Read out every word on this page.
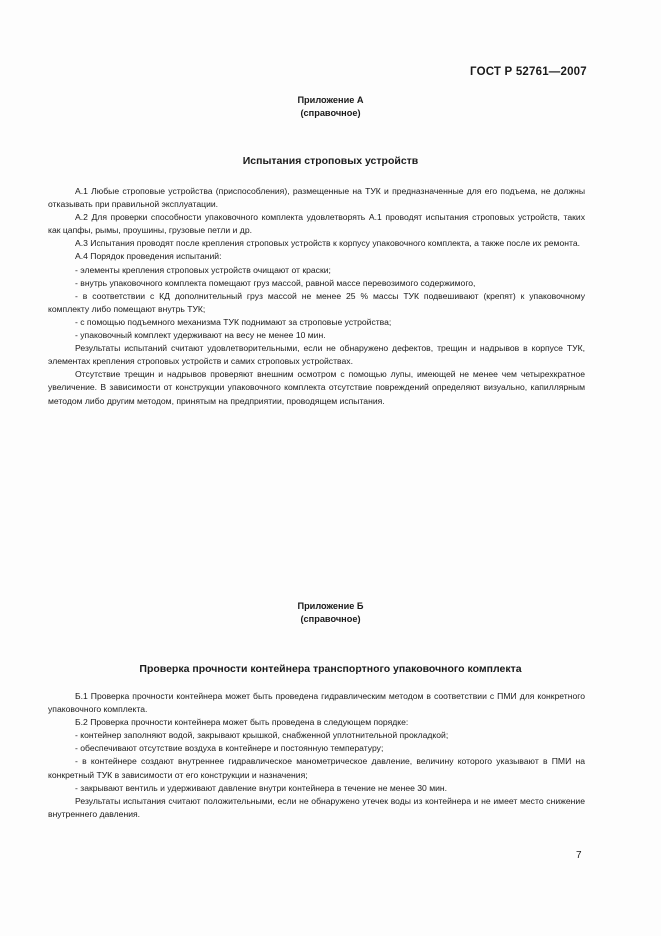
ГОСТ Р 52761—2007
Приложение А
(справочное)
Испытания строповых устройств

А.1 Любые строповые устройства (приспособления), размещенные на ТУК и предназначенные для его подъема, не должны отказывать при правильной эксплуатации.

А.2 Для проверки способности упаковочного комплекта удовлетворять А.1 проводят испытания строповых устройств, таких как цапфы, рымы, проушины, грузовые петли и др.

А.3 Испытания проводят после крепления строповых устройств к корпусу упаковочного комплекта, а также после их ремонта.

А.4 Порядок проведения испытаний:

- элементы крепления строповых устройств очищают от краски;

- внутрь упаковочного комплекта помещают груз массой, равной массе перевозимого содержимого,

- в соответствии с КД дополнительный груз массой не менее 25 % массы ТУК подвешивают (крепят) к упаковочному комплекту либо помещают внутрь ТУК;

- с помощью подъемного механизма ТУК поднимают за строповые устройства;

- упаковочный комплект удерживают на весу не менее 10 мин.

Результаты испытаний считают удовлетворительными, если не обнаружено дефектов, трещин и надрывов в корпусе ТУК, элементах крепления строповых устройств и самих строповых устройствах.

Отсутствие трещин и надрывов проверяют внешним осмотром с помощью лупы, имеющей не менее чем четырехкратное увеличение. В зависимости от конструкции упаковочного комплекта отсутствие повреждений определяют визуально, капиллярным методом либо другим методом, принятым на предприятии, проводящем испытания.

Приложение Б
(справочное)
Проверка прочности контейнера транспортного упаковочного комплекта

Б.1 Проверка прочности контейнера может быть проведена гидравлическим методом в соответствии с ПМИ для конкретного упаковочного комплекта.

Б.2 Проверка прочности контейнера может быть проведена в следующем порядке:

- контейнер заполняют водой, закрывают крышкой, снабженной уплотнительной прокладкой;

- обеспечивают отсутствие воздуха в контейнере и постоянную температуру;

- в контейнере создают внутреннее гидравлическое манометрическое давление, величину которого указывают в ПМИ на конкретный ТУК в зависимости от его конструкции и назначения;

- закрывают вентиль и удерживают давление внутри контейнера в течение не менее 30 мин.

Результаты испытания считают положительными, если не обнаружено утечек воды из контейнера и не имеет место снижение внутреннего давления.

7
